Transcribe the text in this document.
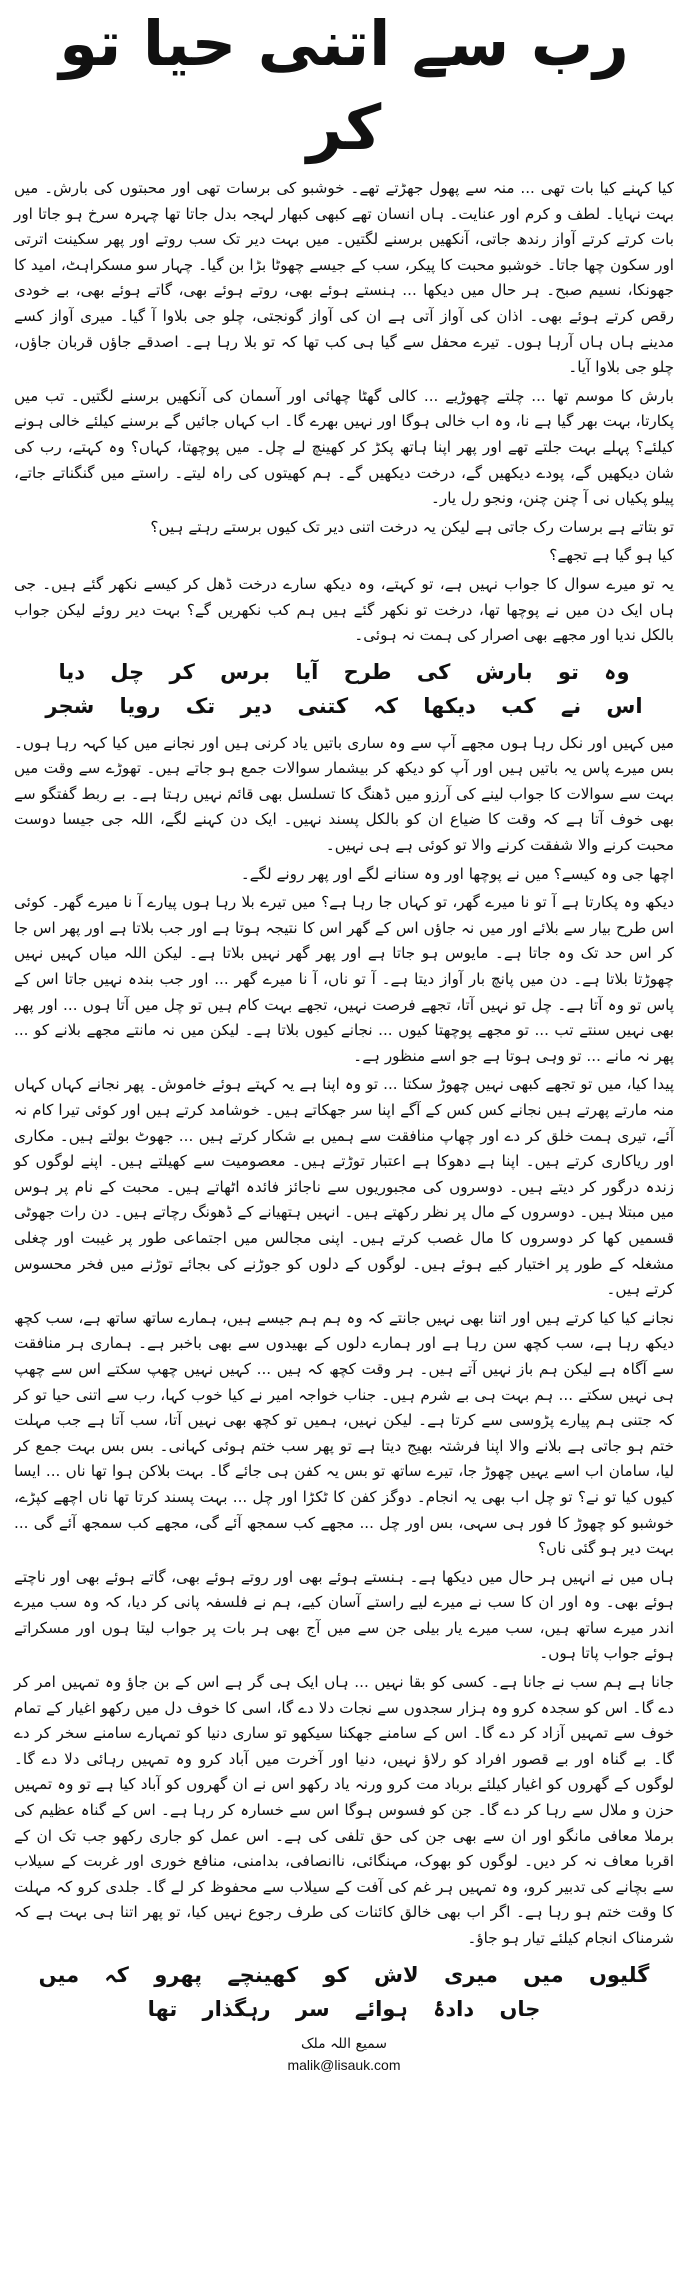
رب سے اتنی حیا تو کر

کیا کہنے کیا بات تھی ... منہ سے پھول جھڑتے تھے۔ خوشبو کی برسات تھی اور محبتوں کی بارش۔ میں بہت نہایا۔ لطف و کرم اور عنایت۔ ہاں انسان تھے کبھی کبھار لہجہ بدل جاتا تھا چہرہ سرخ ہو جاتا اور بات کرتے کرتے آواز رندھ جاتی، آنکھیں برسنے لگتیں۔ میں بہت دیر تک سب روتے اور پھر سکینت اترتی اور سکون چھا جاتا۔ خوشبو محبت کا پیکر، سب کے جیسے چھوٹا بڑا بن گیا۔ چہار سو مسکراہٹ، امید کا جھونکا، نسیم صبح۔ ہر حال میں دیکھا ... ہنستے ہوئے بھی، روتے ہوئے بھی، گاتے ہوئے بھی، بے خودی رقص کرتے ہوئے بھی۔ اذان کی آواز آتی ہے ان کی آواز گونجتی، چلو جی بلاوا آ گیا۔ میری آواز کسے مدینے ہاں ہاں آرہا ہوں۔ تیرے محفل سے گیا ہی کب تھا کہ تو بلا رہا ہے۔ اصدقے جاؤں قربان جاؤں، چلو جی بلاوا آیا۔

بارش کا موسم تھا ... چلتے چھوڑیے ... کالی گھٹا چھائی اور آسمان کی آنکھیں برسنے لگتیں۔ تب میں پکارتا، بہت بھر گیا ہے نا، وہ اب خالی ہوگا اور نہیں بھرے گا۔ اب کہاں جائیں گے برسنے کیلئے خالی ہونے کیلئے؟ پہلے بہت جلتے تھے اور پھر اپنا ہاتھ پکڑ کر کھینچ لے چل۔ میں پوچھتا، کہاں؟ وہ کہتے، رب کی شان دیکھیں گے، پودے دیکھیں گے، درخت دیکھیں گے۔ ہم کھیتوں کی راہ لیتے۔ راستے میں گنگناتے جاتے، پیلو پکیاں نی آ چنن چنن، ونجو رل یار۔

تو بتاتے ہے برسات رک جاتی ہے لیکن یہ درخت اتنی دیر تک کیوں برستے رہتے ہیں؟

کیا ہو گیا ہے تجھے؟

یہ تو میرے سوال کا جواب نہیں ہے، تو کہتے، وہ دیکھ سارے درخت ڈھل کر کیسے نکھر گئے ہیں۔ جی ہاں ایک دن میں نے پوچھا تھا، درخت تو نکھر گئے ہیں ہم کب نکھریں گے؟ بہت دیر روئے لیکن جواب بالکل ندیا اور مجھے بھی اصرار کی ہمت نہ ہوئی۔

وہ تو بارش کی طرح آیا برس کر چل دیا
اس نے کب دیکھا کہ کتنی دیر تک رویا شجر

میں کہیں اور نکل رہا ہوں مجھے آپ سے وہ ساری باتیں یاد کرنی ہیں اور نجانے میں کیا کہہ رہا ہوں۔ بس میرے پاس یہ باتیں ہیں اور آپ کو دیکھ کر بیشمار سوالات جمع ہو جاتے ہیں۔ تھوڑے سے وقت میں بہت سے سوالات کا جواب لینے کی آرزو میں ڈھنگ کا تسلسل بھی قائم نہیں رہتا ہے۔ بے ربط گفتگو سے بھی خوف آتا ہے کہ وقت کا ضیاع ان کو بالکل پسند نہیں۔ ایک دن کہنے لگے، اللہ جی جیسا دوست محبت کرنے والا شفقت کرنے والا تو کوئی ہے ہی نہیں۔

اچھا جی وہ کیسے؟ میں نے پوچھا اور وہ سنانے لگے اور پھر رونے لگے۔

دیکھ وہ پکارتا ہے آ تو نا میرے گھر، تو کہاں جا رہا ہے؟ میں تیرے بلا رہا ہوں پیارے آ نا میرے گھر۔ کوئی اس طرح بیار سے بلائے اور میں نہ جاؤں اس کے گھر اس کا نتیجہ ہوتا ہے اور جب بلاتا ہے اور پھر اس جا کر اس حد تک وہ جاتا ہے۔ مایوس ہو جاتا ہے اور پھر گھر نہیں بلاتا ہے۔ لیکن اللہ میاں کہیں نہیں چھوڑتا بلاتا ہے۔ دن میں پانچ بار آواز دیتا ہے۔ آ تو ناں، آ نا میرے گھر ... اور جب بندہ نہیں جاتا اس کے پاس تو وہ آتا ہے۔ چل تو نہیں آتا، تجھے فرصت نہیں، تجھے بہت کام ہیں تو چل میں آتا ہوں ... اور پھر بھی نہیں سنتے تب ... تو مجھے پوچھتا کیوں ... نجانے کیوں بلاتا ہے۔ لیکن میں نہ مانتے مجھے بلانے کو ... پھر نہ مانے ... تو وہی ہوتا ہے جو اسے منظور ہے۔

پیدا کیا، میں تو تجھے کبھی نہیں چھوڑ سکتا ... تو وہ اپنا ہے یہ کہتے ہوئے خاموش۔ پھر نجانے کہاں کہاں منہ مارتے پھرتے ہیں نجانے کس کس کے آگے اپنا سر جھکاتے ہیں۔ خوشامد کرتے ہیں اور کوئی تیرا کام نہ آئے، تیری ہمت خلق کر دے اور چھاپ منافقت سے ہمیں بے شکار کرتے ہیں ... جھوٹ بولتے ہیں۔ مکاری اور ریاکاری کرتے ہیں۔ اپنا ہے دھوکا ہے اعتبار توڑتے ہیں۔ معصومیت سے کھیلتے ہیں۔ اپنے لوگوں کو زندہ درگور کر دیتے ہیں۔ دوسروں کی مجبوریوں سے ناجائز فائدہ اٹھاتے ہیں۔ محبت کے نام پر ہوس میں مبتلا ہیں۔ دوسروں کے مال پر نظر رکھتے ہیں۔ انہیں ہتھیانے کے ڈھونگ رچاتے ہیں۔ دن رات جھوٹی قسمیں کھا کر دوسروں کا مال غصب کرتے ہیں۔ اپنی مجالس میں اجتماعی طور پر غیبت اور چغلی مشغلہ کے طور پر اختیار کیے ہوئے ہیں۔ لوگوں کے دلوں کو جوڑنے کی بجائے توڑنے میں فخر محسوس کرتے ہیں۔

نجانے کیا کیا کرتے ہیں اور اتنا بھی نہیں جانتے کہ وہ ہم ہم جیسے ہیں، ہمارے ساتھ ساتھ ہے، سب کچھ دیکھ رہا ہے، سب کچھ سن رہا ہے اور ہمارے دلوں کے بھیدوں سے بھی باخبر ہے۔ ہماری ہر منافقت سے آگاہ ہے لیکن ہم باز نہیں آتے ہیں۔ ہر وقت کچھ کہ ہیں ... کہیں نہیں چھپ سکتے اس سے چھپ ہی نہیں سکتے ... ہم بہت ہی بے شرم ہیں۔ جناب خواجہ امیر نے کیا خوب کہا، رب سے اتنی حیا تو کر کہ جتنی ہم پیارے پڑوسی سے کرتا ہے۔ لیکن نہیں، ہمیں تو کچھ بھی نہیں آتا، سب آتا ہے جب مہلت ختم ہو جاتی ہے بلانے والا اپنا فرشتہ بھیج دیتا ہے تو پھر سب ختم ہوئی کہانی۔ بس بس بہت جمع کر لیا، سامان اب اسے یہیں چھوڑ جا، تیرے ساتھ تو بس یہ کفن ہی جائے گا۔ بہت بلاکن ہوا تھا ناں ... ایسا کیوں کیا تو نے؟ تو چل اب بھی یہ انجام۔ دوگز کفن کا ٹکڑا اور چل ... بہت پسند کرتا تھا ناں اچھے کپڑے، خوشبو کو چھوڑ کا فور ہی سہی، بس اور چل ... مجھے کب سمجھ آئے گی، مجھے کب سمجھ آئے گی ... بہت دیر ہو گئی ناں؟

ہاں میں نے انہیں ہر حال میں دیکھا ہے۔ ہنستے ہوئے بھی اور روتے ہوئے بھی، گاتے ہوئے بھی اور ناچتے ہوئے بھی۔ وہ اور ان کا سب نے میرے لیے راستے آسان کیے، ہم نے فلسفہ پانی کر دیا، کہ وہ سب میرے اندر میرے ساتھ ہیں، سب میرے یار بیلی جن سے میں آج بھی ہر بات پر جواب لیتا ہوں اور مسکراتے ہوئے جواب پاتا ہوں۔

جانا ہے ہم سب نے جانا ہے۔ کسی کو بقا نہیں ... ہاں ایک ہی گر ہے اس کے بن جاؤ وہ تمہیں امر کر دے گا۔ اس کو سجدہ کرو وہ ہزار سجدوں سے نجات دلا دے گا، اسی کا خوف دل میں رکھو اغیار کے تمام خوف سے تمہیں آزاد کر دے گا۔ اس کے سامنے جھکنا سیکھو تو ساری دنیا کو تمہارے سامنے سخر کر دے گا۔ بے گناہ اور بے قصور افراد کو رلاؤ نہیں، دنیا اور آخرت میں آباد کرو وہ تمہیں رہائی دلا دے گا۔ لوگوں کے گھروں کو اغیار کیلئے برباد مت کرو ورنہ یاد رکھو اس نے ان گھروں کو آباد کیا ہے تو وہ تمہیں حزن و ملال سے رہا کر دے گا۔ جن کو فسوس ہوگا اس سے خسارہ کر رہا ہے۔ اس کے گناہ عظیم کی برملا معافی مانگو اور ان سے بھی جن کی حق تلفی کی ہے۔ اس عمل کو جاری رکھو جب تک ان کے اقربا معاف نہ کر دیں۔ لوگوں کو بھوک، مہنگائی، ناانصافی، بدامنی، منافع خوری اور غربت کے سیلاب سے بچانے کی تدبیر کرو، وہ تمہیں ہر غم کی آفت کے سیلاب سے محفوظ کر لے گا۔ جلدی کرو کہ مہلت کا وقت ختم ہو رہا ہے۔ اگر اب بھی خالق کائنات کی طرف رجوع نہیں کیا، تو پھر اتنا ہی بہت ہے کہ شرمناک انجام کیلئے تیار ہو جاؤ۔

گلیوں میں میری لاش کو کھینچے پھرو کہ میں
جاں دادۂ ہوائے سر رہگذار تھا
سمیع اللہ ملک
malik@lisauk.com
